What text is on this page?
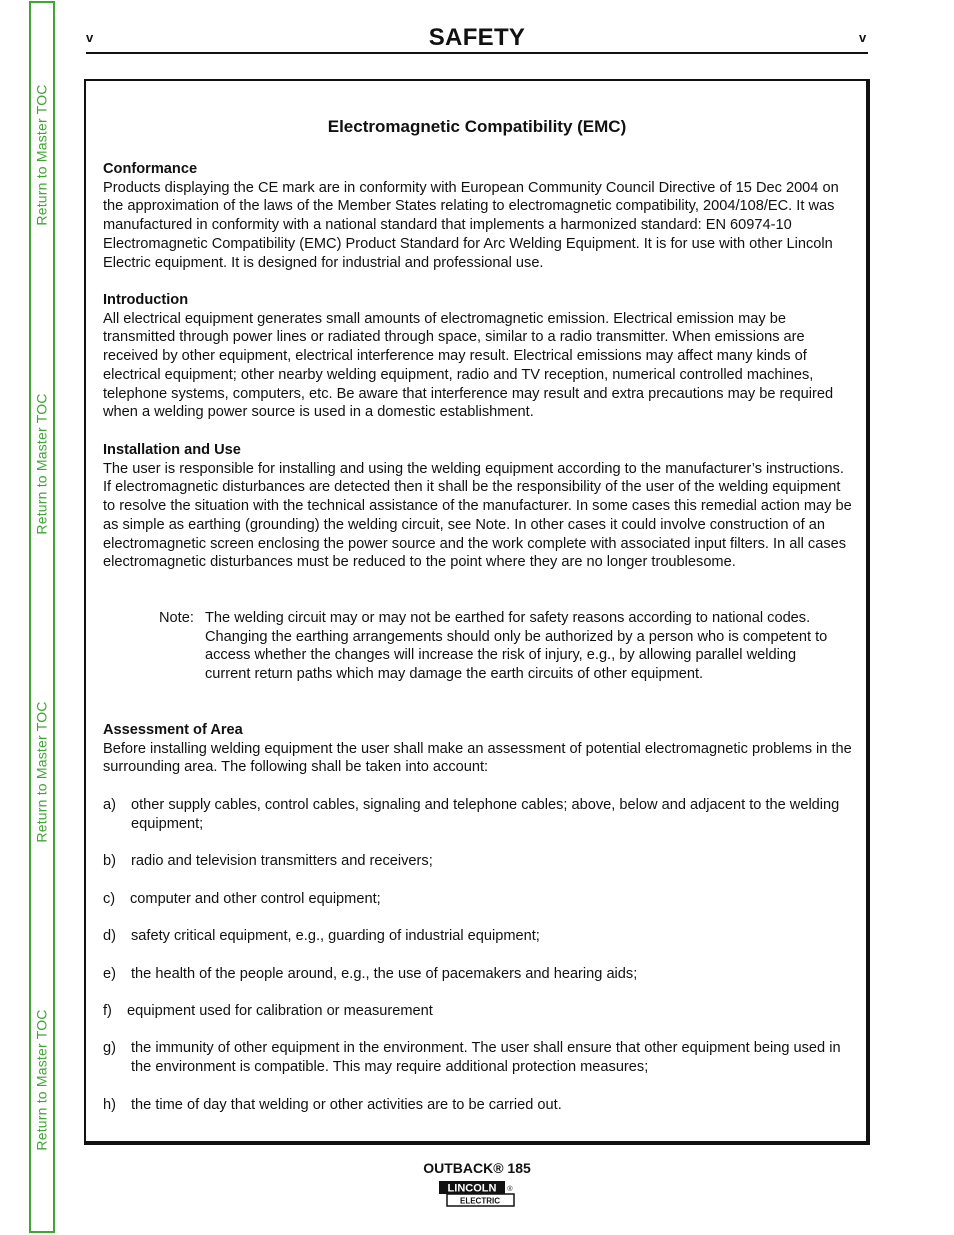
Return to Master TOC
Return to Master TOC
Return to Master TOC
Return to Master TOC
v	SAFETY	v
Electromagnetic Compatibility (EMC)
Conformance

Products displaying the CE mark are in conformity with European Community Council Directive of 15 Dec 2004 on the approximation of the laws of the Member States relating to electromagnetic compatibility, 2004/108/EC. It was manufactured in conformity with a national standard that implements a harmonized standard: EN 60974-10 Electromagnetic Compatibility (EMC) Product Standard for Arc Welding Equipment. It is for use with other Lincoln Electric equipment. It is designed for industrial and professional use.

Introduction

All electrical equipment generates small amounts of electromagnetic emission. Electrical emission may be transmitted through power lines or radiated through space, similar to a radio transmitter. When emissions are received by other equipment, electrical interference may result. Electrical emissions may affect many kinds of electrical equipment; other nearby welding equipment, radio and TV reception, numerical controlled machines, telephone systems, computers, etc. Be aware that interference may result and extra precautions may be required when a welding power source is used in a domestic establishment.

Installation and Use

The user is responsible for installing and using the welding equipment according to the manufacturer’s instructions. If electromagnetic disturbances are detected then it shall be the responsibility of the user of the welding equipment to resolve the situation with the technical assistance of the manufacturer. In some cases this remedial action may be as simple as earthing (grounding) the welding circuit, see Note. In other cases it could involve construction of an electromagnetic screen enclosing the power source and the work complete with associated input filters. In all cases electromagnetic disturbances must be reduced to the point where they are no longer troublesome.

Note: The welding circuit may or may not be earthed for safety reasons according to national codes. Changing the earthing arrangements should only be authorized by a person who is competent to access whether the changes will increase the risk of injury, e.g., by allowing parallel welding current return paths which may damage the earth circuits of other equipment.
Assessment of Area

Before installing welding equipment the user shall make an assessment of potential electromagnetic problems in the surrounding area. The following shall be taken into account:

a) other supply cables, control cables, signaling and telephone cables; above, below and adjacent to the welding equipment;
b) radio and television transmitters and receivers;
c) computer and other control equipment;
d) safety critical equipment, e.g., guarding of industrial equipment;
e) the health of the people around, e.g., the use of pacemakers and hearing aids;
f) equipment used for calibration or measurement
g) the immunity of other equipment in the environment. The user shall ensure that other equipment being used in the environment is compatible. This may require additional protection measures;
h) the time of day that welding or other activities are to be carried out.
OUTBACK® 185
LINCOLN
ELECTRIC
®
